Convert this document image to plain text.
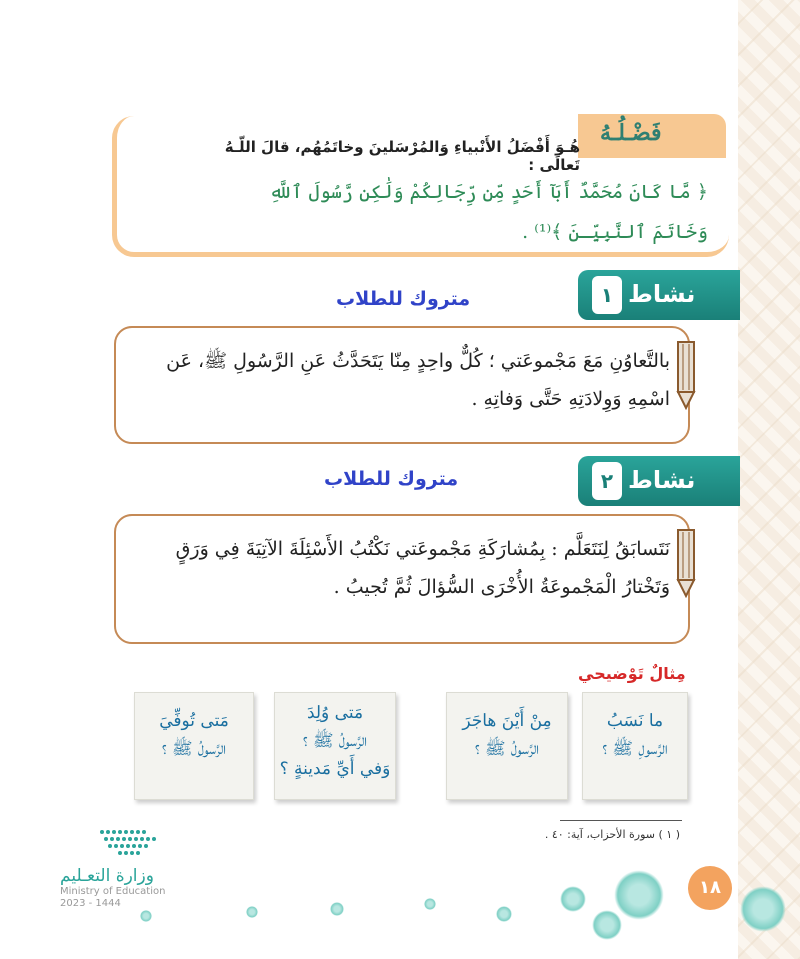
فَضْـلُـهُ
هُـوَ أَفْضَلُ الأَنْبياءِ وَالمُرْسَلينَ وخاتَمُهُم، قالَ اللّـهُ تَعالَى :
﴿ مَّا كَانَ مُحَمَّدٌ أَبَآ أَحَدٍ مِّن رِّجَالِكُمْ وَلَٰكِن رَّسُولَ ٱللَّهِ
وَخَاتَمَ ٱلنَّبِيِّـنَ ﴾⁽¹⁾ .
١ نشاط
متروك للطلاب
بالتَّعاوُنِ مَعَ مَجْموعَتي ؛ كُلٌّ واحِدٍ مِنّا يَتَحَدَّثُ عَنِ الرَّسُولِ ﷺ، عَن
اسْمِهِ وَوِلادَتِهِ حَتَّى وَفاتِهِ .
٢ نشاط
متروك للطلاب
نَتَسابَقُ لِنَتَعَلَّم : بِمُشارَكَةِ مَجْموعَتي نَكْتُبُ الأَسْئِلَةَ الآتِيَةَ فِي وَرَقٍ
وَتَخْتارُ الْمَجْموعَةُ الأُخْرَى السُّؤالَ ثُمَّ تُجيبُ .
مِثالٌ تَوْضيحي
ما نَسَبُ
الرَّسولِ ﷺ ؟
مِنْ أَيْنَ هاجَرَ
الرَّسولُ ﷺ ؟
مَتى وُلِدَ
الرَّسولُ ﷺ ؟
وَفي أَيِّ مَدينةٍ ؟
مَتى تُوفِّيَ
الرَّسولُ ﷺ ؟
( ١ ) سورة الأحزاب، آية: ٤٠ .
١٨
وزارة التعـليم
Ministry of Education
2023 - 1444
